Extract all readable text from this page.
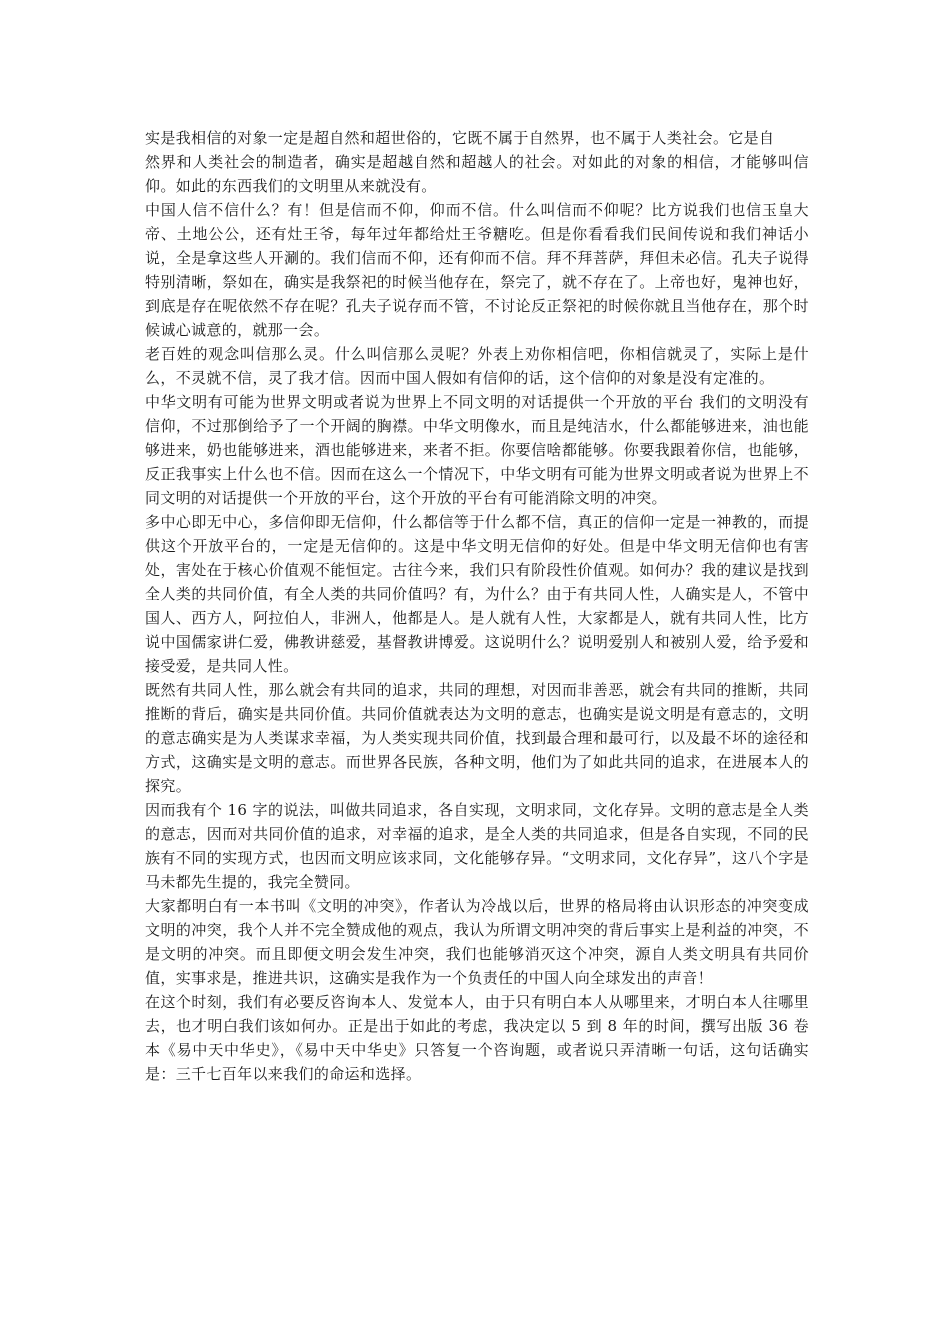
实是我相信的对象一定是超自然和超世俗的，它既不属于自然界，也不属于人类社会。它是自

然界和人类社会的制造者，确实是超越自然和超越人的社会。对如此的对象的相信，才能够叫信仰。如此的东西我们的文明里从来就没有。

中国人信不信什么？有！但是信而不仰，仰而不信。什么叫信而不仰呢？比方说我们也信玉皇大帝、土地公公，还有灶王爷，每年过年都给灶王爷糖吃。但是你看看我们民间传说和我们神话小说，全是拿这些人开涮的。我们信而不仰，还有仰而不信。拜不拜菩萨，拜但未必信。孔夫子说得特别清晰，祭如在，确实是我祭祀的时候当他存在，祭完了，就不存在了。上帝也好，鬼神也好，到底是存在呢依然不存在呢？孔夫子说存而不管，不讨论反正祭祀的时候你就且当他存在，那个时候诚心诚意的，就那一会。

老百姓的观念叫信那么灵。什么叫信那么灵呢？外表上劝你相信吧，你相信就灵了，实际上是什么，不灵就不信，灵了我才信。因而中国人假如有信仰的话，这个信仰的对象是没有定准的。

中华文明有可能为世界文明或者说为世界上不同文明的对话提供一个开放的平台 我们的文明没有信仰，不过那倒给予了一个开阔的胸襟。中华文明像水，而且是纯洁水，什么都能够进来，油也能够进来，奶也能够进来，酒也能够进来，来者不拒。你要信啥都能够。你要我跟着你信，也能够，反正我事实上什么也不信。因而在这么一个情况下，中华文明有可能为世界文明或者说为世界上不同文明的对话提供一个开放的平台，这个开放的平台有可能消除文明的冲突。

多中心即无中心，多信仰即无信仰，什么都信等于什么都不信，真正的信仰一定是一神教的，而提供这个开放平台的，一定是无信仰的。这是中华文明无信仰的好处。但是中华文明无信仰也有害处，害处在于核心价值观不能恒定。古往今来，我们只有阶段性价值观。如何办？我的建议是找到全人类的共同价值，有全人类的共同价值吗？有，为什么？由于有共同人性，人确实是人，不管中国人、西方人，阿拉伯人，非洲人，他都是人。是人就有人性，大家都是人，就有共同人性，比方说中国儒家讲仁爱，佛教讲慈爱，基督教讲博爱。这说明什么？说明爱别人和被别人爱，给予爱和接受爱，是共同人性。

既然有共同人性，那么就会有共同的追求，共同的理想，对因而非善恶，就会有共同的推断，共同推断的背后，确实是共同价值。共同价值就表达为文明的意志，也确实是说文明是有意志的，文明的意志确实是为人类谋求幸福，为人类实现共同价值，找到最合理和最可行，以及最不坏的途径和方式，这确实是文明的意志。而世界各民族，各种文明，他们为了如此共同的追求，在进展本人的探究。

因而我有个 16 字的说法，叫做共同追求，各自实现，文明求同，文化存异。文明的意志是全人类的意志，因而对共同价值的追求，对幸福的追求，是全人类的共同追求，但是各自实现，不同的民族有不同的实现方式，也因而文明应该求同，文化能够存异。“文明求同，文化存异”，这八个字是马未都先生提的，我完全赞同。

大家都明白有一本书叫《文明的冲突》，作者认为冷战以后，世界的格局将由认识形态的冲突变成文明的冲突，我个人并不完全赞成他的观点，我认为所谓文明冲突的背后事实上是利益的冲突，不是文明的冲突。而且即便文明会发生冲突，我们也能够消灭这个冲突，源自人类文明具有共同价值，实事求是，推进共识，这确实是我作为一个负责任的中国人向全球发出的声音！

在这个时刻，我们有必要反咨询本人、发觉本人，由于只有明白本人从哪里来，才明白本人往哪里去，也才明白我们该如何办。正是出于如此的考虑，我决定以 5 到 8 年的时间，撰写出版 36 卷本《易中天中华史》，《易中天中华史》只答复一个咨询题，或者说只弄清晰一句话，这句话确实是：三千七百年以来我们的命运和选择。
